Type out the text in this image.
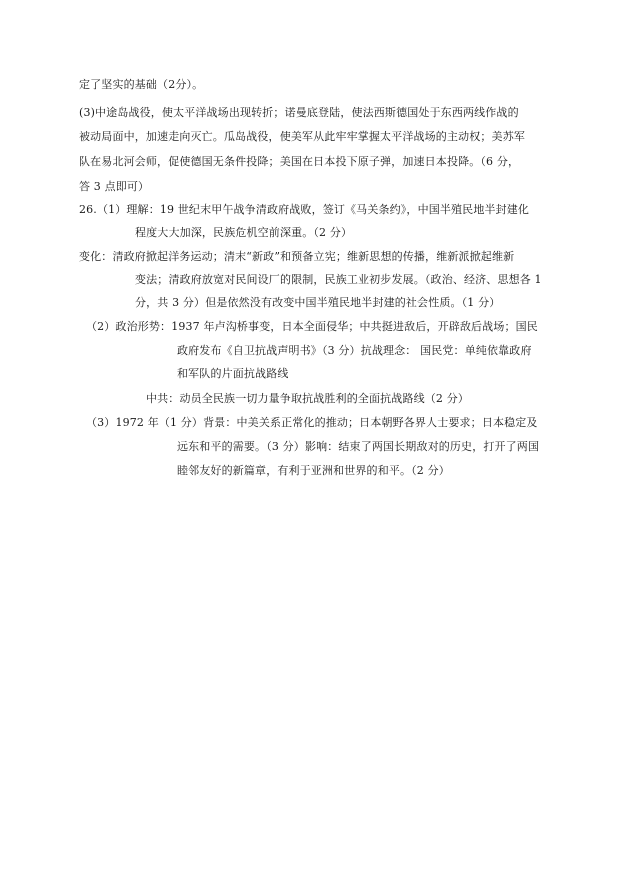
定了坚实的基础（2分）。
(3)中途岛战役，使太平洋战场出现转折；诺曼底登陆，使法西斯德国处于东西两线作战的
被动局面中，加速走向灭亡。瓜岛战役，使美军从此牢牢掌握太平洋战场的主动权；美苏军
队在易北河会师，促使德国无条件投降；美国在日本投下原子弹，加速日本投降。（6 分，
答 3 点即可）
26.（1）理解：19 世纪末甲午战争清政府战败，签订《马关条约》，中国半殖民地半封建化
程度大大加深，民族危机空前深重。（2 分）
变化：清政府掀起洋务运动；清末“新政”和预备立宪；维新思想的传播，维新派掀起维新
变法；清政府放宽对民间设厂的限制，民族工业初步发展。（政治、经济、思想各 1
分，共 3 分）但是依然没有改变中国半殖民地半封建的社会性质。（1 分）
（2）政治形势：1937 年卢沟桥事变，日本全面侵华；中共挺进敌后，开辟敌后战场；国民
政府发布《自卫抗战声明书》（3 分）抗战理念： 国民党：单纯依靠政府
和军队的片面抗战路线
中共：动员全民族一切力量争取抗战胜利的全面抗战路线（2 分）
（3）1972 年（1 分）背景：中美关系正常化的推动；日本朝野各界人士要求；日本稳定及
远东和平的需要。（3 分）影响：结束了两国长期敌对的历史，打开了两国
睦邻友好的新篇章，有利于亚洲和世界的和平。（2 分）
